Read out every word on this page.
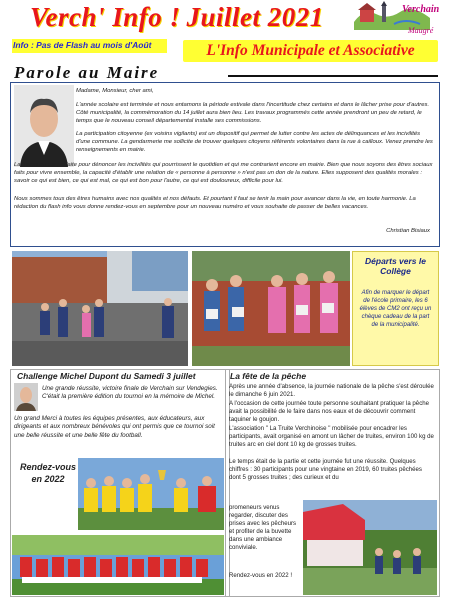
Verch' Info ! Juillet 2021	Verchain
Maugré
Info : Pas de Flash au mois d'Août	L'Info Municipale et Associative
Parole au Maire
Madame, Monsieur, cher ami,
L'année scolaire est terminée et nous entamons la période estivale dans l'incertitude chez certains et dans le lâcher prise pour d'autres. Côté municipalité, la commémoration du 14 juillet aura bien lieu. Les travaux programmés cette année prendront un peu de retard, le temps que le nouveau conseil départemental installe ses commissions.
La participation citoyenne (ex voisins vigilants) est un dispositif qui permet de lutter contre les actes de délinquances et les incivilités d'une commune. La gendarmerie me sollicite de trouver quelques citoyens référents volontaires dans la rue à cailloux. Venez prendre les renseignements en mairie.
La transition est parfaite pour dénoncer les incivilités qui pourrissent le quotidien et qui me contrarient encore en mairie. Bien que nous soyons des êtres sociaux faits pour vivre ensemble, la capacité d'établir une relation de « personne à personne » n'est pas un don de la nature. Elles supposent des qualités morales : savoir ce qui est bien, ce qui est mal, ce qui est bon pour l'autre, ce qui est douloureux, difficile pour lui.
Nous sommes tous des êtres humains avec nos qualités et nos défauts. Et pourtant il faut se tenir la main pour avancer dans la vie, en toute harmonie. La rédaction du flash info vous donne rendez-vous en septembre pour un nouveau numéro et vous souhaite de passer de belles vacances.
Christian Bisiaux
Départs vers le Collège
Afin de marquer le départ de l'école primaire, les 6 élèves de CM2 ont reçu un chèque cadeau de la part de la municipalité.
Challenge Michel Dupont du Samedi 3 juillet
Une grande réussite, victoire finale de Verchain sur Vendegies. C'était la première édition du tournoi en la mémoire de Michel.
Un grand Merci à toutes les équipes présentes, aux éducateurs, aux dirigeants et aux nombreux bénévoles qui ont permis que ce tournoi soit une belle réussite et une belle fête du football.
Rendez-vous en 2022
La fête de la pêche
Après une année d'absence, la journée nationale de la pêche s'est déroulée le dimanche 6 juin 2021.
A l'occasion de cette journée toute personne souhaitant pratiquer la pêche avait la possibilité de le faire dans nos eaux et de découvrir comment taquiner le goujon.
L'association " La Truite Verchinoise " mobilisée pour encadrer les participants, avait organisé en amont un lâcher de truites, environ 100 kg de truites arc en ciel dont 10 kg de grosses truites.
Le temps était de la partie et cette journée fut une réussite. Quelques chiffres : 30 participants pour une vingtaine en 2019, 60 truites pêchées dont 5 grosses truites ; des curieux et du
promeneurs venus regarder, discuter des prises avec les pêcheurs et profiter de la buvette dans une ambiance conviviale.
Rendez-vous en 2022 !
